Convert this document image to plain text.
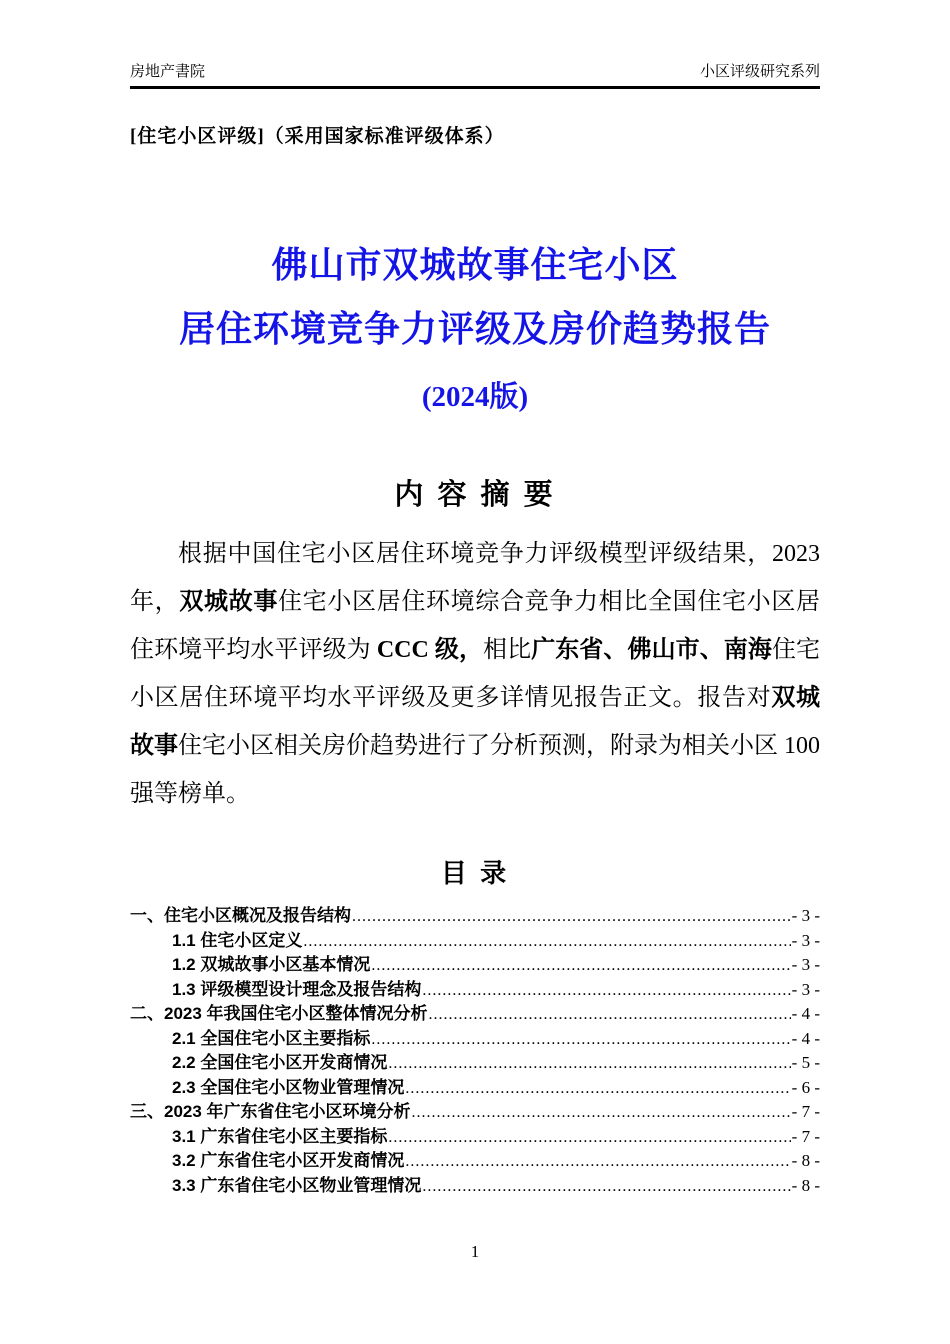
房地产書院	小区评级研究系列
[住宅小区评级]（采用国家标准评级体系）
佛山市双城故事住宅小区
居住环境竞争力评级及房价趋势报告
(2024版)
内 容 摘 要
根据中国住宅小区居住环境竞争力评级模型评级结果，2023 年，双城故事住宅小区居住环境综合竞争力相比全国住宅小区居住环境平均水平评级为 CCC 级，相比广东省、佛山市、南海住宅小区居住环境平均水平评级及更多详情见报告正文。报告对双城故事住宅小区相关房价趋势进行了分析预测，附录为相关小区 100 强等榜单。
目 录
一、住宅小区概况及报告结构 .....	- 3 -
1.1 住宅小区定义 .....	- 3 -
1.2 双城故事小区基本情况 .....	- 3 -
1.3 评级模型设计理念及报告结构 .....	- 3 -
二、2023 年我国住宅小区整体情况分析 .....	- 4 -
2.1 全国住宅小区主要指标 .....	- 4 -
2.2 全国住宅小区开发商情况 .....	- 5 -
2.3 全国住宅小区物业管理情况 .....	- 6 -
三、2023 年广东省住宅小区环境分析 .....	- 7 -
3.1 广东省住宅小区主要指标 .....	- 7 -
3.2 广东省住宅小区开发商情况 .....	- 8 -
3.3 广东省住宅小区物业管理情况 .....	- 8 -
1
